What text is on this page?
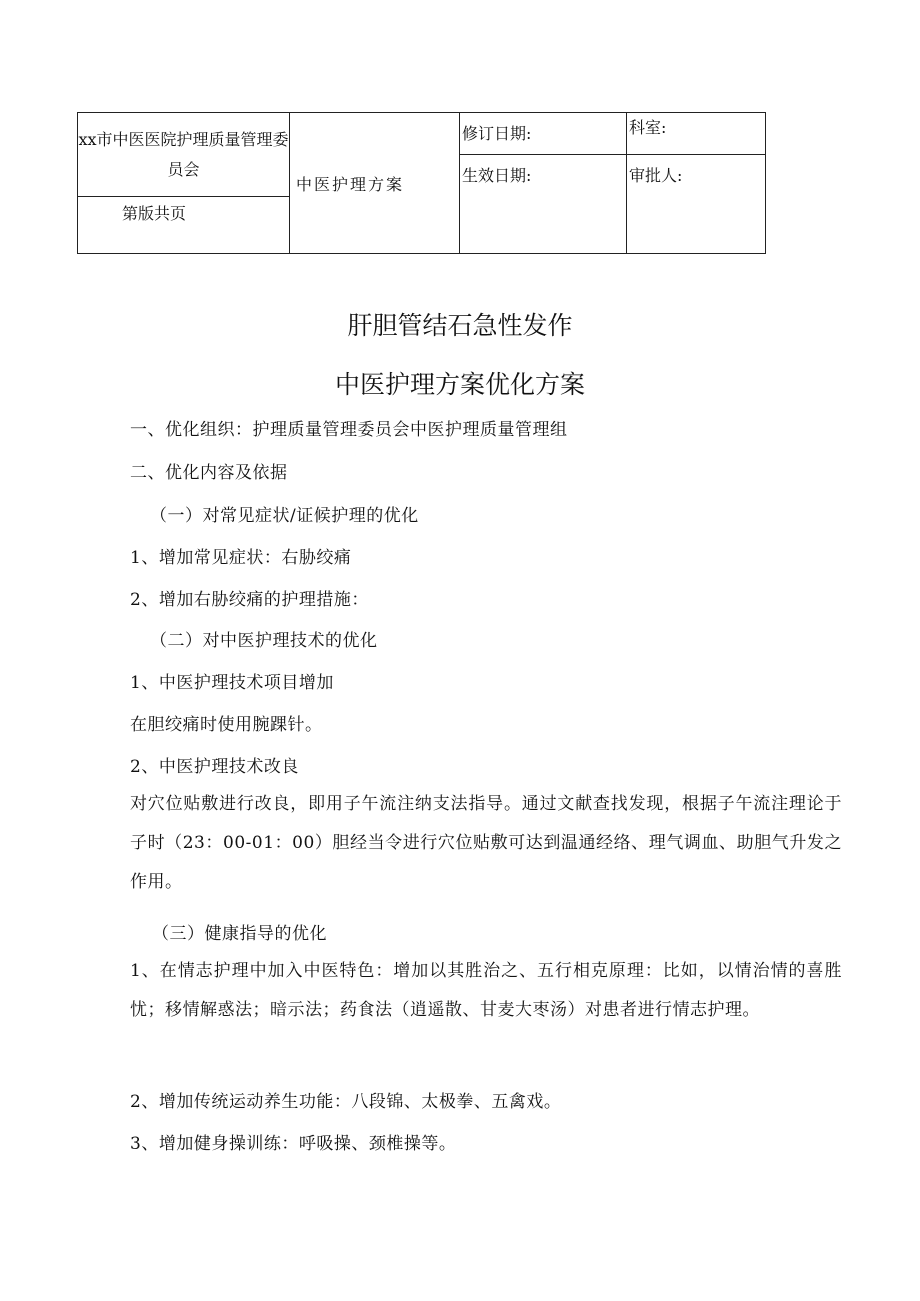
xx市中医医院护理质量管理委员会	中医护理方案	修订日期:	科室:
		生效日期:	审批人:
第版共页			
肝胆管结石急性发作
中医护理方案优化方案
一、优化组织：护理质量管理委员会中医护理质量管理组
二、优化内容及依据
（一）对常见症状/证候护理的优化
1、增加常见症状：右胁绞痛
2、增加右胁绞痛的护理措施：
（二）对中医护理技术的优化
1、中医护理技术项目增加
在胆绞痛时使用腕踝针。
2、中医护理技术改良
对穴位贴敷进行改良，即用子午流注纳支法指导。通过文献查找发现，根据子午流注理论于子时（23：00-01：00）胆经当令进行穴位贴敷可达到温通经络、理气调血、助胆气升发之作用。
（三）健康指导的优化
1、在情志护理中加入中医特色：增加以其胜治之、五行相克原理：比如，以情治情的喜胜忧；移情解惑法；暗示法；药食法（逍遥散、甘麦大枣汤）对患者进行情志护理。
2、增加传统运动养生功能：八段锦、太极拳、五禽戏。
3、增加健身操训练：呼吸操、颈椎操等。
